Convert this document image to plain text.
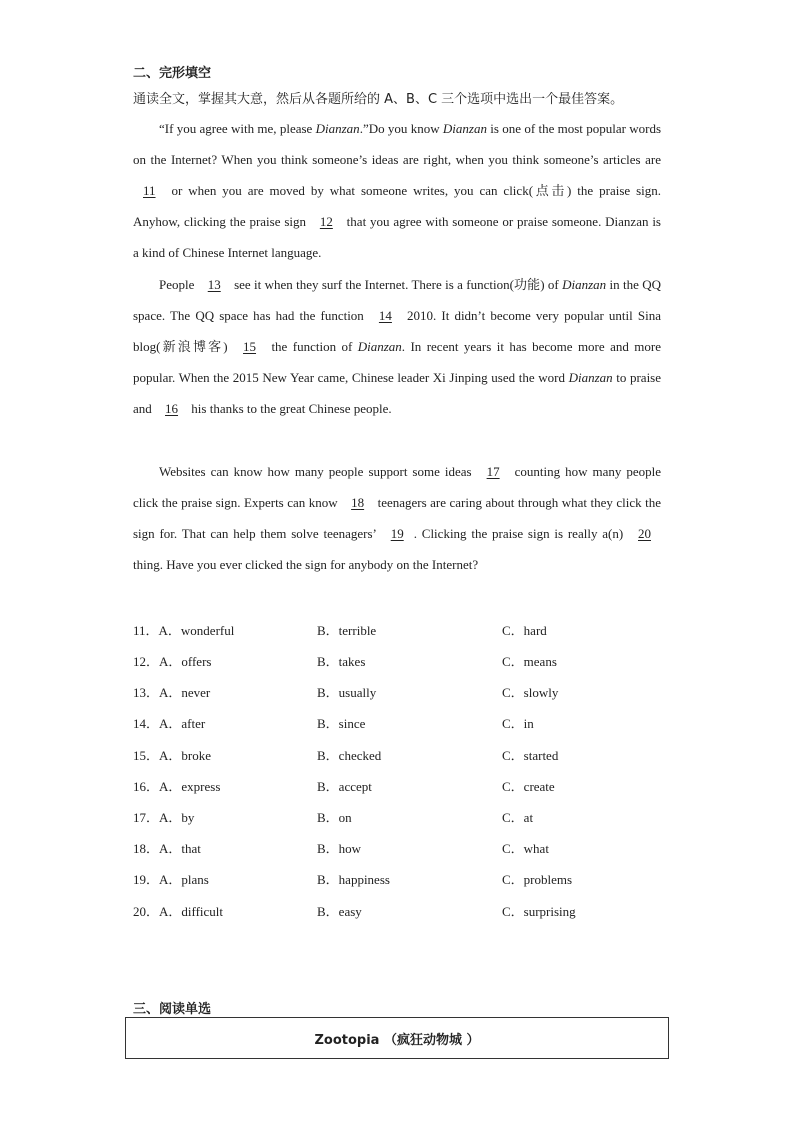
二、完形填空
通读全文，掌握其大意，然后从各题所给的 A、B、C 三个选项中选出一个最佳答案。
“If you agree with me, please Dianzan.”Do you know Dianzan is one of the most popular words on the Internet? When you think someone’s ideas are right, when you think someone’s articles are 11 or when you are moved by what someone writes, you can click(点击) the praise sign. Anyhow, clicking the praise sign 12 that you agree with someone or praise someone. Dianzan is a kind of Chinese Internet language.
People 13 see it when they surf the Internet. There is a function(功能) of Dianzan in the QQ space. The QQ space has had the function 14 2010. It didn’t become very popular until Sina blog(新浪博客) 15 the function of Dianzan. In recent years it has become more and more popular. When the 2015 New Year came, Chinese leader Xi Jinping used the word Dianzan to praise and 16 his thanks to the great Chinese people.
Websites can know how many people support some ideas 17 counting how many people click the praise sign. Experts can know 18 teenagers are caring about through what they click the sign for. That can help them solve teenagers’ 19 . Clicking the praise sign is really a(n) 20 thing. Have you ever clicked the sign for anybody on the Internet?
11．A．wonderful	B．terrible	C．hard
12．A．offers	B．takes	C．means
13．A．never	B．usually	C．slowly
14．A．after	B．since	C．in
15．A．broke	B．checked	C．started
16．A．express	B．accept	C．create
17．A．by	B．on	C．at
18．A．that	B．how	C．what
19．A．plans	B．happiness	C．problems
20．A．difficult	B．easy	C．surprising
三、阅读单选
Zootopia （疯狂动物城 ）
